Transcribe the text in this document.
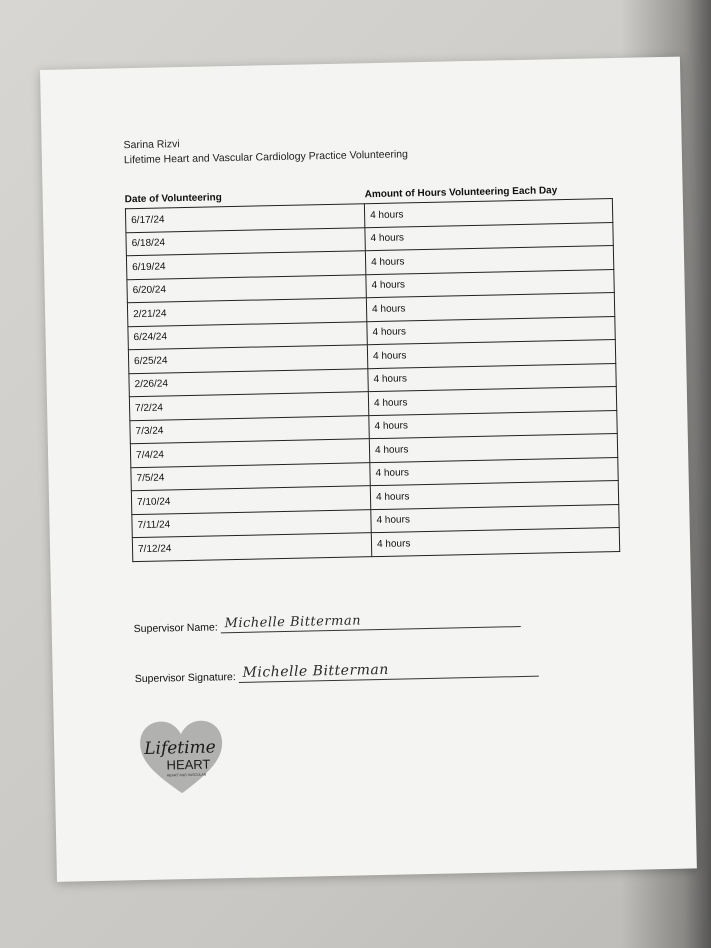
Sarina Rizvi
Lifetime Heart and Vascular Cardiology Practice Volunteering
Date of Volunteering	Amount of Hours Volunteering Each Day
6/17/24	4 hours
6/18/24	4 hours
6/19/24	4 hours
6/20/24	4 hours
2/21/24	4 hours
6/24/24	4 hours
6/25/24	4 hours
2/26/24	4 hours
7/2/24	4 hours
7/3/24	4 hours
7/4/24	4 hours
7/5/24	4 hours
7/10/24	4 hours
7/11/24	4 hours
7/12/24	4 hours
Supervisor Name: Michelle Bitterman
Supervisor Signature: Michelle Bitterman
Lifetime
HEART
HEART AND VASCULAR
